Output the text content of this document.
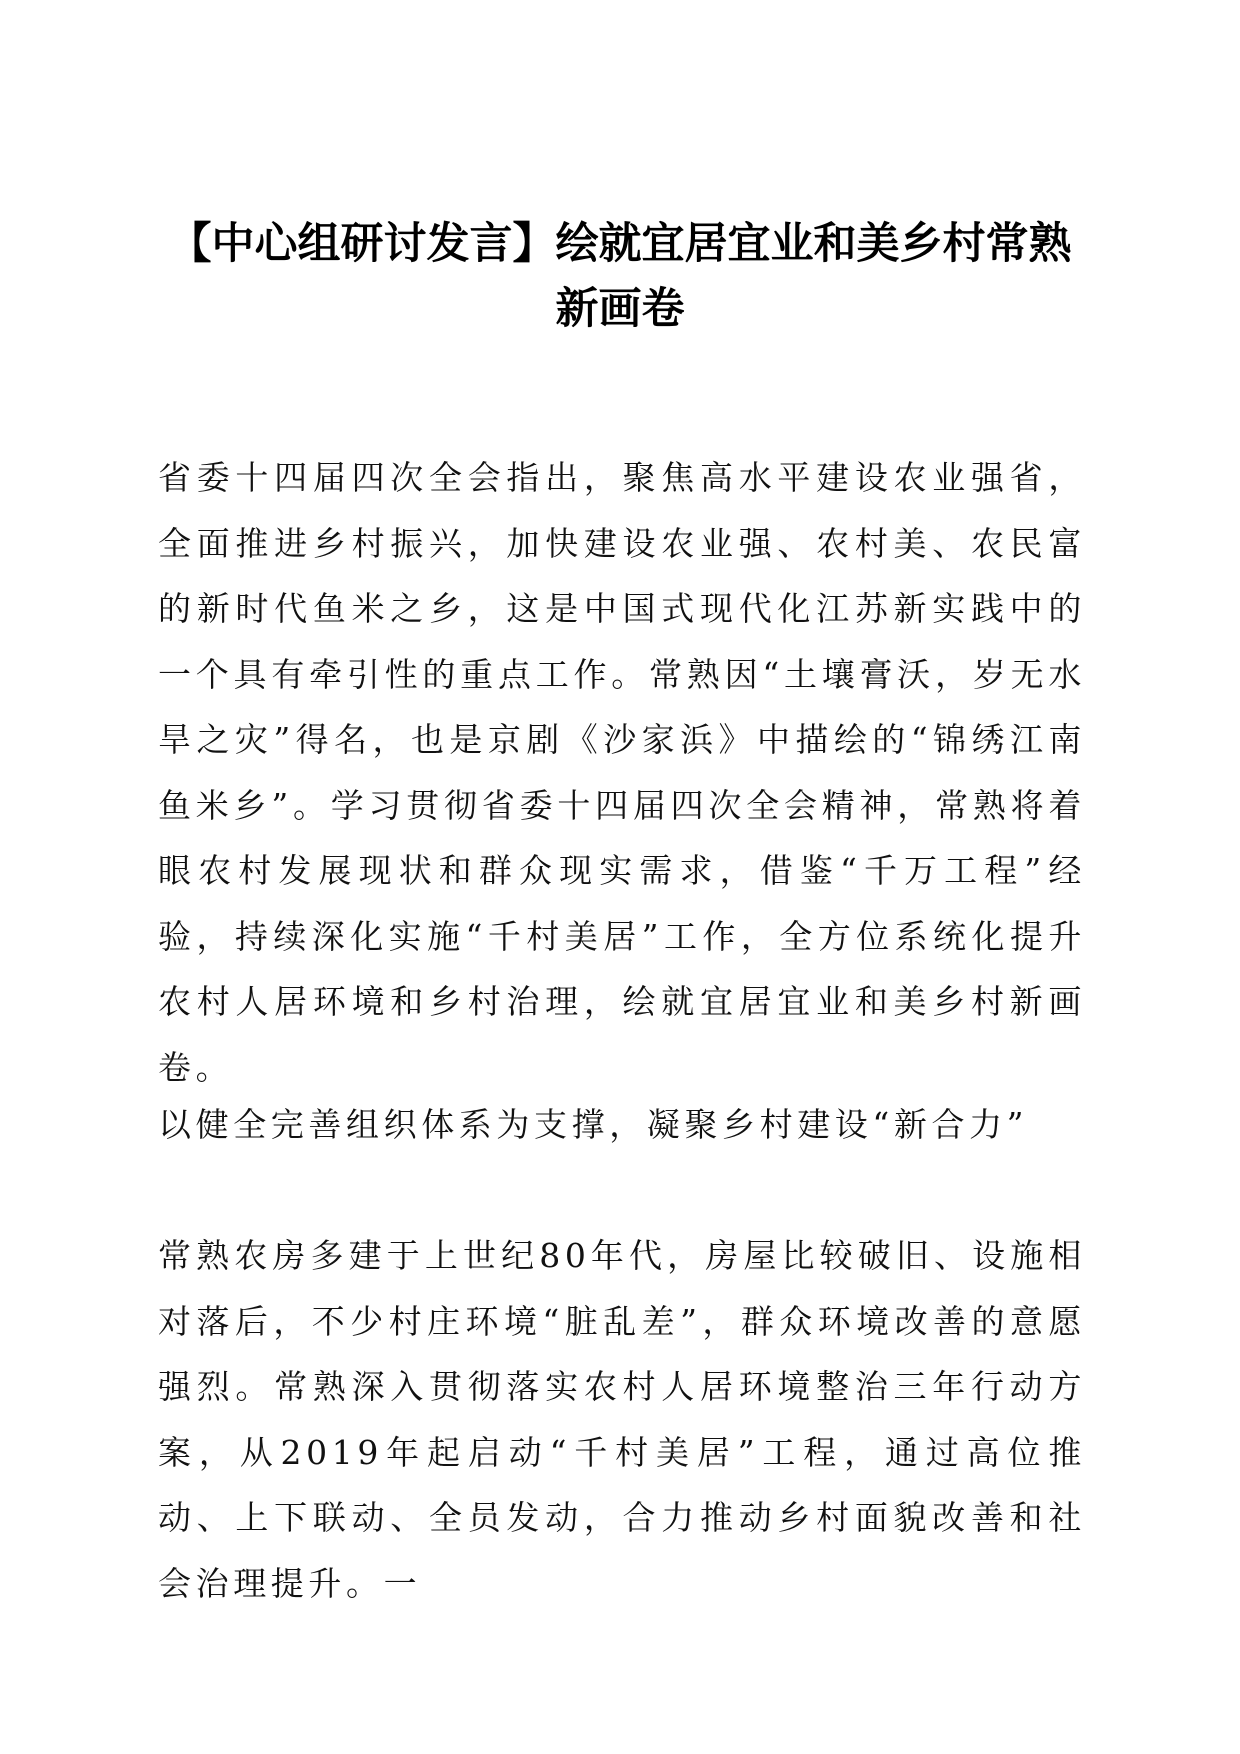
【中心组研讨发言】绘就宜居宜业和美乡村常熟新画卷

省委十四届四次全会指出，聚焦高水平建设农业强省，全面推进乡村振兴，加快建设农业强、农村美、农民富的新时代鱼米之乡，这是中国式现代化江苏新实践中的一个具有牵引性的重点工作。常熟因“土壤膏沃，岁无水旱之灾”得名，也是京剧《沙家浜》中描绘的“锦绣江南鱼米乡”。学习贯彻省委十四届四次全会精神，常熟将着眼农村发展现状和群众现实需求，借鉴“千万工程”经验，持续深化实施“千村美居”工作，全方位系统化提升农村人居环境和乡村治理，绘就宜居宜业和美乡村新画卷。

以健全完善组织体系为支撑，凝聚乡村建设“新合力”

常熟农房多建于上世纪80年代，房屋比较破旧、设施相对落后，不少村庄环境“脏乱差”，群众环境改善的意愿强烈。常熟深入贯彻落实农村人居环境整治三年行动方案，从2019年起启动“千村美居”工程，通过高位推动、上下联动、全员发动，合力推动乡村面貌改善和社会治理提升。一
